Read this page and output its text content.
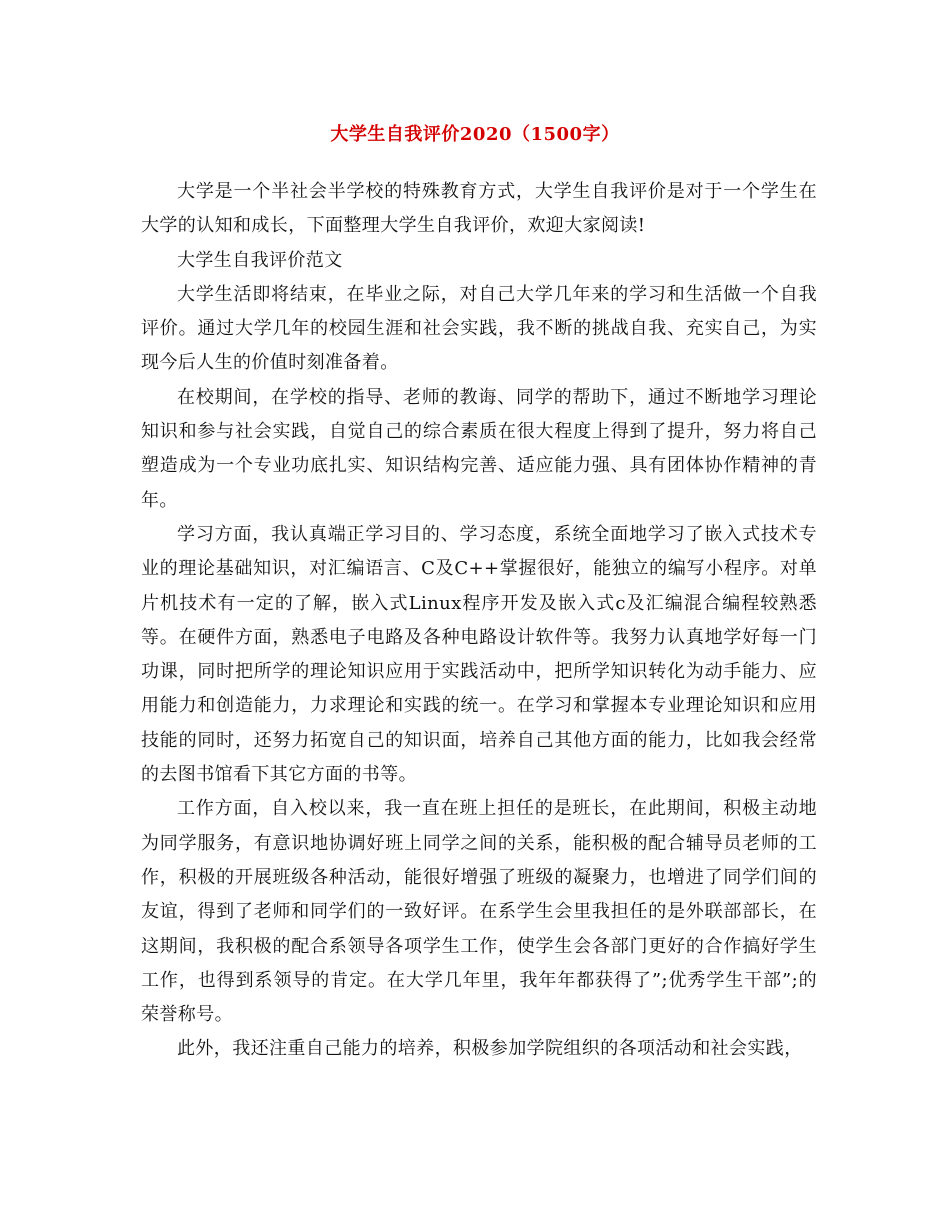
大学生自我评价2020（1500字）

大学是一个半社会半学校的特殊教育方式，大学生自我评价是对于一个学生在大学的认知和成长，下面整理大学生自我评价，欢迎大家阅读!

大学生自我评价范文

大学生活即将结束，在毕业之际，对自己大学几年来的学习和生活做一个自我评价。通过大学几年的校园生涯和社会实践，我不断的挑战自我、充实自己，为实现今后人生的价值时刻准备着。

在校期间，在学校的指导、老师的教诲、同学的帮助下，通过不断地学习理论知识和参与社会实践，自觉自己的综合素质在很大程度上得到了提升，努力将自己塑造成为一个专业功底扎实、知识结构完善、适应能力强、具有团体协作精神的青年。

学习方面，我认真端正学习目的、学习态度，系统全面地学习了嵌入式技术专业的理论基础知识，对汇编语言、C及C++掌握很好，能独立的编写小程序。对单片机技术有一定的了解，嵌入式Linux程序开发及嵌入式c及汇编混合编程较熟悉等。在硬件方面，熟悉电子电路及各种电路设计软件等。我努力认真地学好每一门功课，同时把所学的理论知识应用于实践活动中，把所学知识转化为动手能力、应用能力和创造能力，力求理论和实践的统一。在学习和掌握本专业理论知识和应用技能的同时，还努力拓宽自己的知识面，培养自己其他方面的能力，比如我会经常的去图书馆看下其它方面的书等。

工作方面，自入校以来，我一直在班上担任的是班长，在此期间，积极主动地为同学服务，有意识地协调好班上同学之间的关系，能积极的配合辅导员老师的工作，积极的开展班级各种活动，能很好增强了班级的凝聚力，也增进了同学们间的友谊，得到了老师和同学们的一致好评。在系学生会里我担任的是外联部部长，在这期间，我积极的配合系领导各项学生工作，使学生会各部门更好的合作搞好学生工作，也得到系领导的肯定。在大学几年里，我年年都获得了”;优秀学生干部”;的荣誉称号。

此外，我还注重自己能力的培养，积极参加学院组织的各项活动和社会实践，
